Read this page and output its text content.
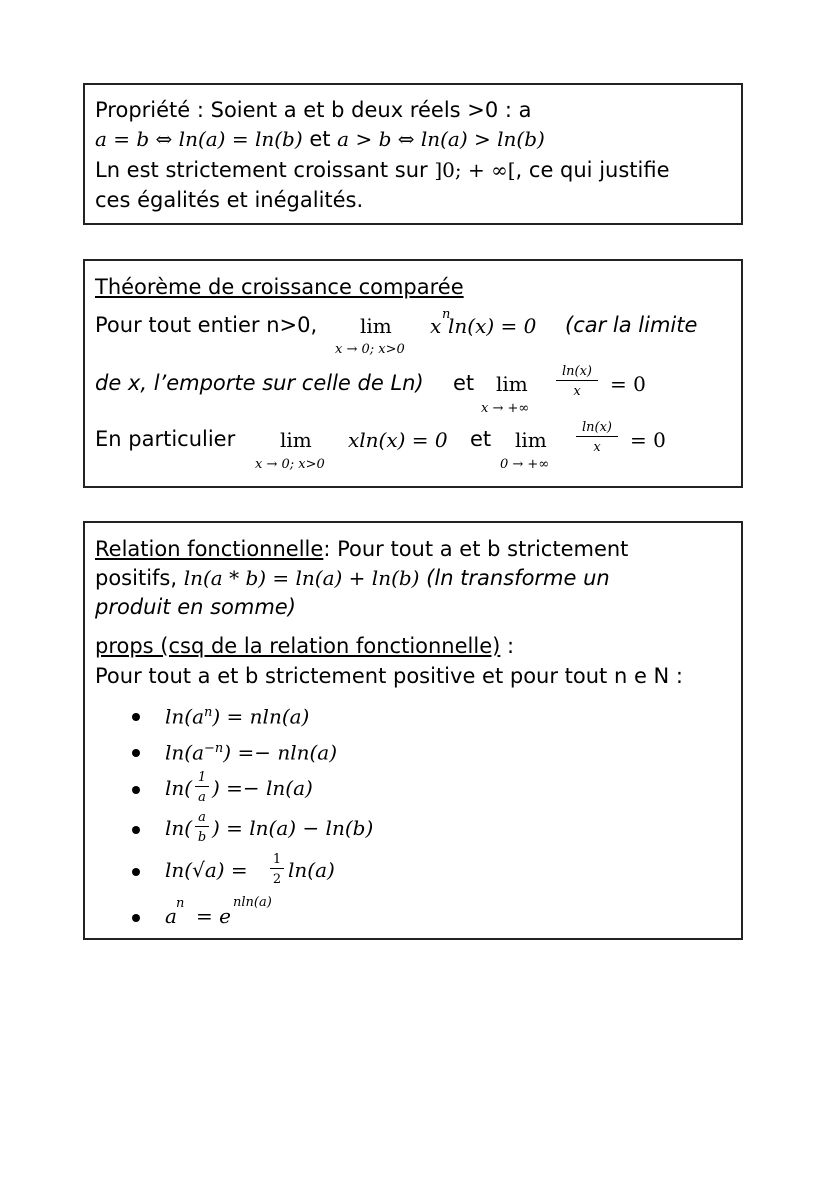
Propriété : Soient a et b deux réels >0 : a
a = b ⇔ ln(a) = ln(b) et a > b ⇔ ln(a) > ln(b)
Ln est strictement croissant sur ]0; + ∞[, ce qui justifie
ces égalités et inégalités.
Théorème de croissance comparée
Pour tout entier n>0, lim
x → 0; x>0
x n
ln(x) = 0 (car la limite
de x, l’emporte sur celle de Ln) et lim
x → +∞
$\frac{\ln(x)}{x} = 0$
En particulier lim
x → 0; x>0
xln(x) = 0 et lim
0 → +∞
$\frac{\ln(x)}{x} = 0$
Relation fonctionnelle: Pour tout a et b strictement
positifs, ln(a * b) = ln(a) + ln(b) (ln transforme un
produit en somme)
props (csq de la relation fonctionnelle) :
Pour tout a et b strictement positive et pour tout n e N :
$\ln(a^n) = nln(a)$
$\ln(a^{-n}) =- nln(a)$
$\ln( \frac{1}{a}$ ) =− ln(a)
$\ln( \frac{a}{b}$ ) = ln(a) − ln(b)
$\ln(√a) = \frac{1}{2} \ln(a)$
a
n
= e
nln(a)
